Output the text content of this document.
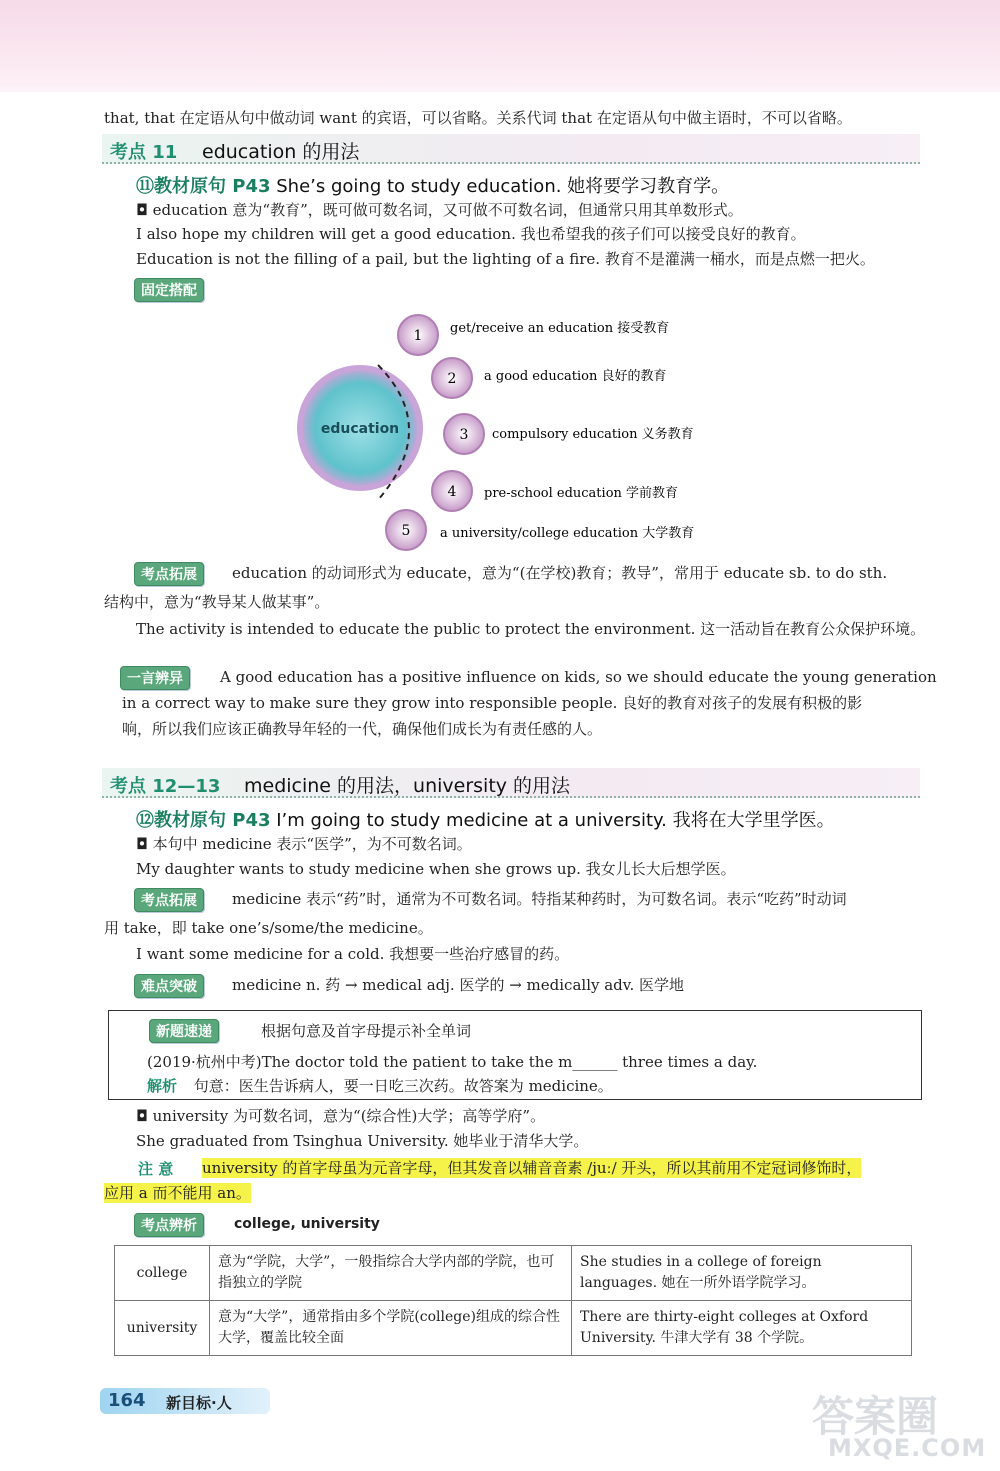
that, that 在定语从句中做动词 want 的宾语，可以省略。关系代词 that 在定语从句中做主语时，不可以省略。
考点 11 education 的用法
⑪教材原句 P43 She’s going to study education. 她将要学习教育学。
◘ education 意为“教育”，既可做可数名词，又可做不可数名词，但通常只用其单数形式。
I also hope my children will get a good education. 我也希望我的孩子们可以接受良好的教育。
Education is not the filling of a pail, but the lighting of a fire. 教育不是灌满一桶水，而是点燃一把火。
固定搭配
education
1 get/receive an education 接受教育
2 a good education 良好的教育
3 compulsory education 义务教育
4 pre-school education 学前教育
5 a university/college education 大学教育
考点拓展	education 的动词形式为 educate，意为“(在学校)教育；教导”，常用于 educate sb. to do sth.
结构中，意为“教导某人做某事”。
The activity is intended to educate the public to protect the environment. 这一活动旨在教育公众保护环境。
一言辨异	A good education has a positive influence on kids, so we should educate the young generation
in a correct way to make sure they grow into responsible people. 良好的教育对孩子的发展有积极的影
响，所以我们应该正确教导年轻的一代，确保他们成长为有责任感的人。
考点 12—13 medicine 的用法，university 的用法
⑫教材原句 P43 I’m going to study medicine at a university. 我将在大学里学医。
◘ 本句中 medicine 表示“医学”，为不可数名词。
My daughter wants to study medicine when she grows up. 我女儿长大后想学医。
考点拓展	medicine 表示“药”时，通常为不可数名词。特指某种药时，为可数名词。表示“吃药”时动词
用 take，即 take one’s/some/the medicine。
I want some medicine for a cold. 我想要一些治疗感冒的药。
难点突破	medicine n. 药 → medical adj. 医学的 → medically adv. 医学地
新题速递	根据句意及首字母提示补全单词
(2019·杭州中考)The doctor told the patient to take the m______ three times a day.
解析 句意：医生告诉病人，要一日吃三次药。故答案为 medicine。
◘ university 为可数名词，意为“(综合性)大学；高等学府”。
She graduated from Tsinghua University. 她毕业于清华大学。
注 意 university 的首字母虽为元音字母，但其发音以辅音音素 /juː/ 开头，所以其前用不定冠词修饰时，
应用 a 而不能用 an。
考点辨析	college, university
college	意为“学院，大学”，一般指综合大学内部的学院，也可指独立的学院	She studies in a college of foreign languages. 她在一所外语学院学习。
university	意为“大学”，通常指由多个学院(college)组成的综合性大学，覆盖比较全面	There are thirty-eight colleges at Oxford University. 牛津大学有 38 个学院。
164 新目标·人	答案圈
MXQE.COM
